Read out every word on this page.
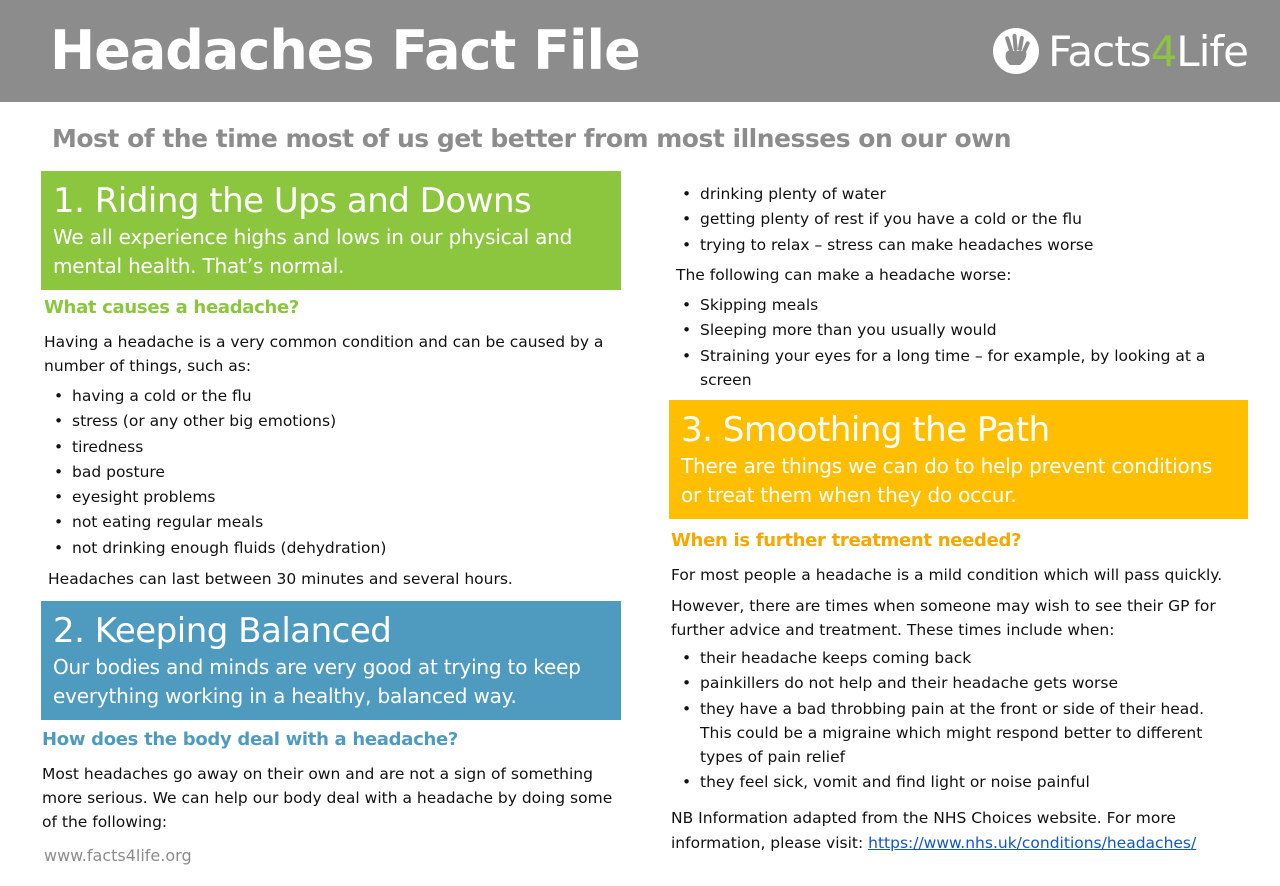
Headaches Fact File	Facts4Life
Most of the time most of us get better from most illnesses on our own
1. Riding the Ups and Downs
We all experience highs and lows in our physical and
mental health. That’s normal.
What causes a headache?
Having a headache is a very common condition and can be caused by a number of things, such as:
• having a cold or the flu
• stress (or any other big emotions)
• tiredness
• bad posture
• eyesight problems
• not eating regular meals
• not drinking enough fluids (dehydration)
Headaches can last between 30 minutes and several hours.
2. Keeping Balanced
Our bodies and minds are very good at trying to keep
everything working in a healthy, balanced way.
How does the body deal with a headache?
Most headaches go away on their own and are not a sign of something more serious. We can help our body deal with a headache by doing some of the following:
• drinking plenty of water
• getting plenty of rest if you have a cold or the flu
• trying to relax – stress can make headaches worse
The following can make a headache worse:
• Skipping meals
• Sleeping more than you usually would
• Straining your eyes for a long time – for example, by looking at a screen
3. Smoothing the Path
There are things we can do to help prevent conditions
or treat them when they do occur.
When is further treatment needed?
For most people a headache is a mild condition which will pass quickly.
However, there are times when someone may wish to see their GP for further advice and treatment. These times include when:
• their headache keeps coming back
• painkillers do not help and their headache gets worse
• they have a bad throbbing pain at the front or side of their head. This could be a migraine which might respond better to different types of pain relief
• they feel sick, vomit and find light or noise painful
NB Information adapted from the NHS Choices website. For more information, please visit: https://www.nhs.uk/conditions/headaches/
www.facts4life.org
